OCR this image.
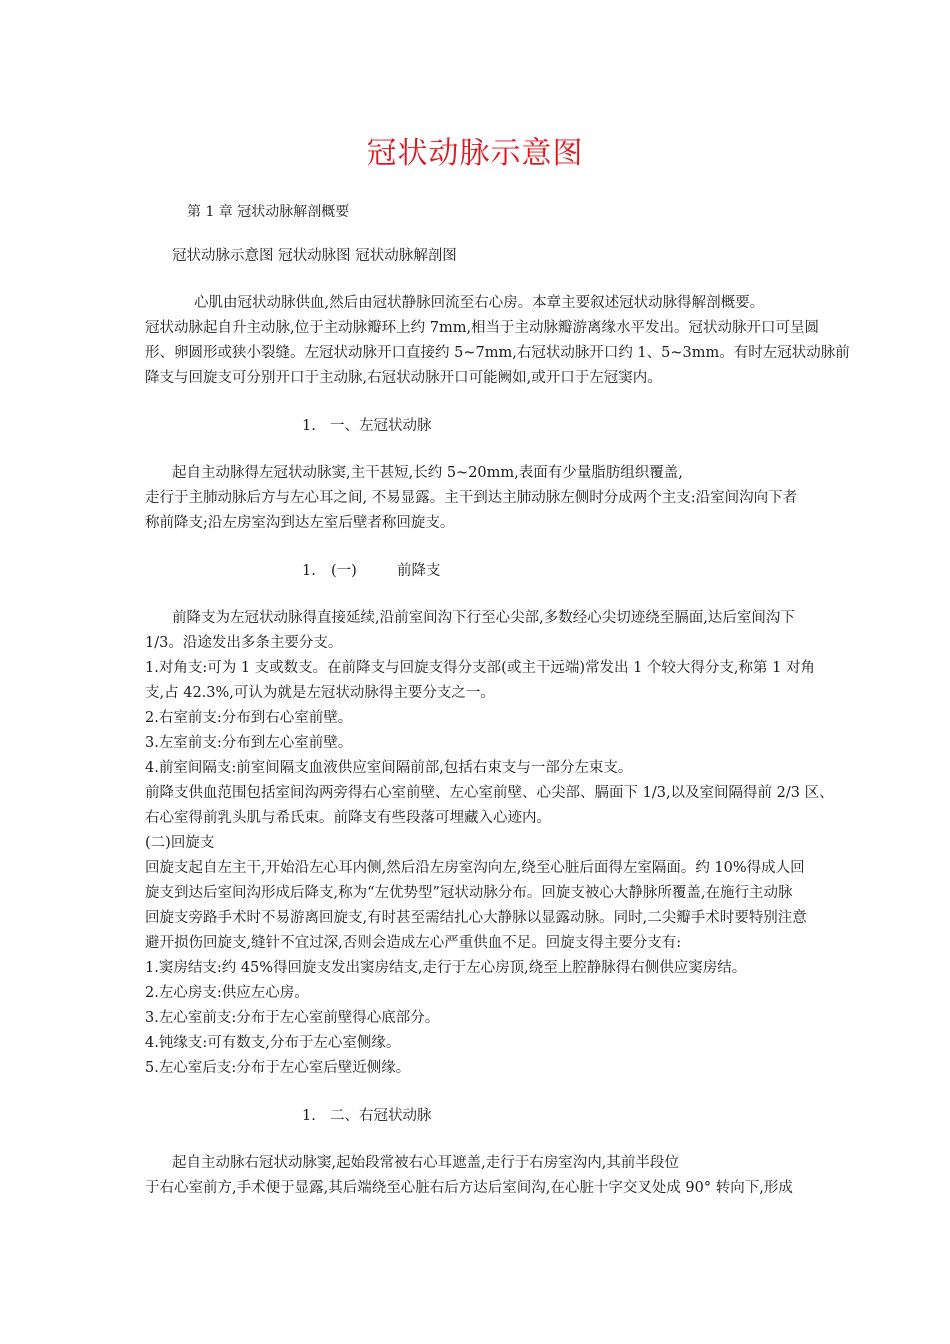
冠状动脉示意图
第 1 章 冠状动脉解剖概要
冠状动脉示意图 冠状动脉图 冠状动脉解剖图
心肌由冠状动脉供血,然后由冠状静脉回流至右心房。本章主要叙述冠状动脉得解剖概要。
冠状动脉起自升主动脉,位于主动脉瓣环上约 7mm,相当于主动脉瓣游离缘水平发出。冠状动脉开口可呈圆
形、卵圆形或狭小裂缝。左冠状动脉开口直接约 5~7mm,右冠状动脉开口约 1、5~3mm。有时左冠状动脉前
降支与回旋支可分别开口于主动脉,右冠状动脉开口可能阙如,或开口于左冠窦内。
1. 一、左冠状动脉
起自主动脉得左冠状动脉窦,主干甚短,长约 5~20mm,表面有少量脂肪组织覆盖,
走行于主肺动脉后方与左心耳之间, 不易显露。主干到达主肺动脉左侧时分成两个主支:沿室间沟向下者
称前降支;沿左房室沟到达左室后壁者称回旋支。
1. (一)	前降支
前降支为左冠状动脉得直接延续,沿前室间沟下行至心尖部,多数经心尖切迹绕至膈面,达后室间沟下
1/3。沿途发出多条主要分支。
1.对角支:可为 1 支或数支。在前降支与回旋支得分支部(或主干远端)常发出 1 个较大得分支,称第 1 对角
支,占 42.3%,可认为就是左冠状动脉得主要分支之一。
2.右室前支:分布到右心室前壁。
3.左室前支:分布到左心室前壁。
4.前室间隔支:前室间隔支血液供应室间隔前部,包括右束支与一部分左束支。
前降支供血范围包括室间沟两旁得右心室前壁、左心室前壁、心尖部、膈面下 1/3,以及室间隔得前 2/3 区、
右心室得前乳头肌与希氏束。前降支有些段落可埋藏入心迹内。
(二)回旋支
回旋支起自左主干,开始沿左心耳内侧,然后沿左房室沟向左,绕至心脏后面得左室隔面。约 10%得成人回
旋支到达后室间沟形成后降支,称为“左优势型”冠状动脉分布。回旋支被心大静脉所覆盖,在施行主动脉
回旋支旁路手术时不易游离回旋支,有时甚至需结扎心大静脉以显露动脉。同时,二尖瓣手术时要特别注意
避开损伤回旋支,缝针不宜过深,否则会造成左心严重供血不足。回旋支得主要分支有:
1.窦房结支:约 45%得回旋支发出窦房结支,走行于左心房顶,绕至上腔静脉得右侧供应窦房结。
2.左心房支:供应左心房。
3.左心室前支:分布于左心室前壁得心底部分。
4.钝缘支:可有数支,分布于左心室侧缘。
5.左心室后支:分布于左心室后壁近侧缘。
1. 二、右冠状动脉
起自主动脉右冠状动脉窦,起始段常被右心耳遮盖,走行于右房室沟内,其前半段位
于右心室前方,手术便于显露,其后端绕至心脏右后方达后室间沟,在心脏十字交叉处成 90° 转向下,形成
